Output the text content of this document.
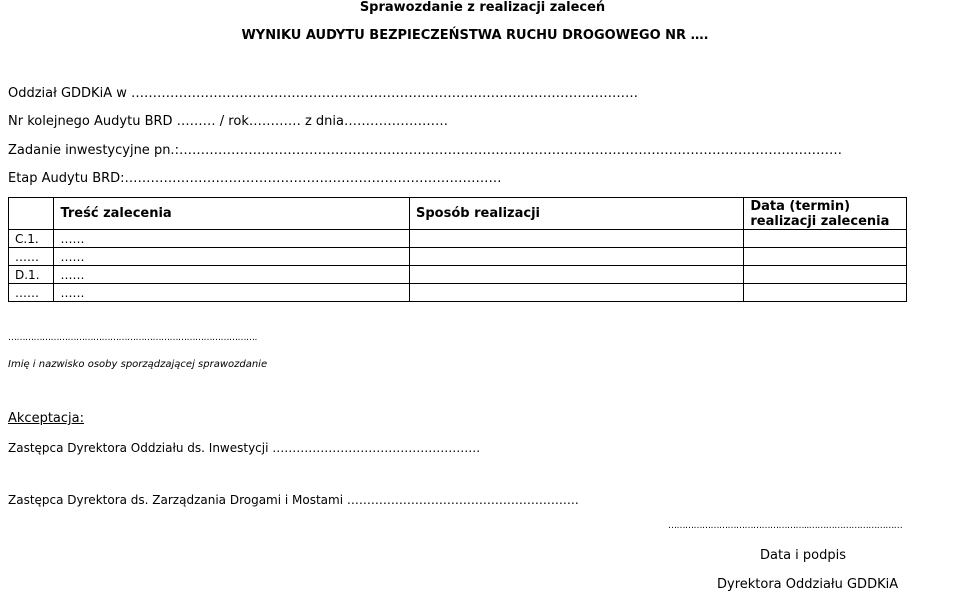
Sprawozdanie z realizacji zaleceń
WYNIKU AUDYTU BEZPIECZEŃSTWA RUCHU DROGOWEGO NR ….
Oddział GDDKiA w ………………………………………………………………………………………………………
Nr kolejnego Audytu BRD ……… / rok………… z dnia……………………
Zadanie inwestycyjne pn.:………………………………………………………………………………………………………………………………………
Etap Audytu BRD:……………………………………………………………………………
	Treść zalecenia	Sposób realizacji	Data (termin) realizacji zalecenia
C.1.	……		
……	……		
D.1.	……		
……	……		
…………………………………………………………………………….
Imię i nazwisko osoby sporządzającej sprawozdanie
Akceptacja:
Zastępca Dyrektora Oddziału ds. Inwestycji …………………………………………….
Zastępca Dyrektora ds. Zarządzania Drogami i Mostami ………………………………………………….
…………………………………………..……………………………
Data i podpis
Dyrektora Oddziału GDDKiA
